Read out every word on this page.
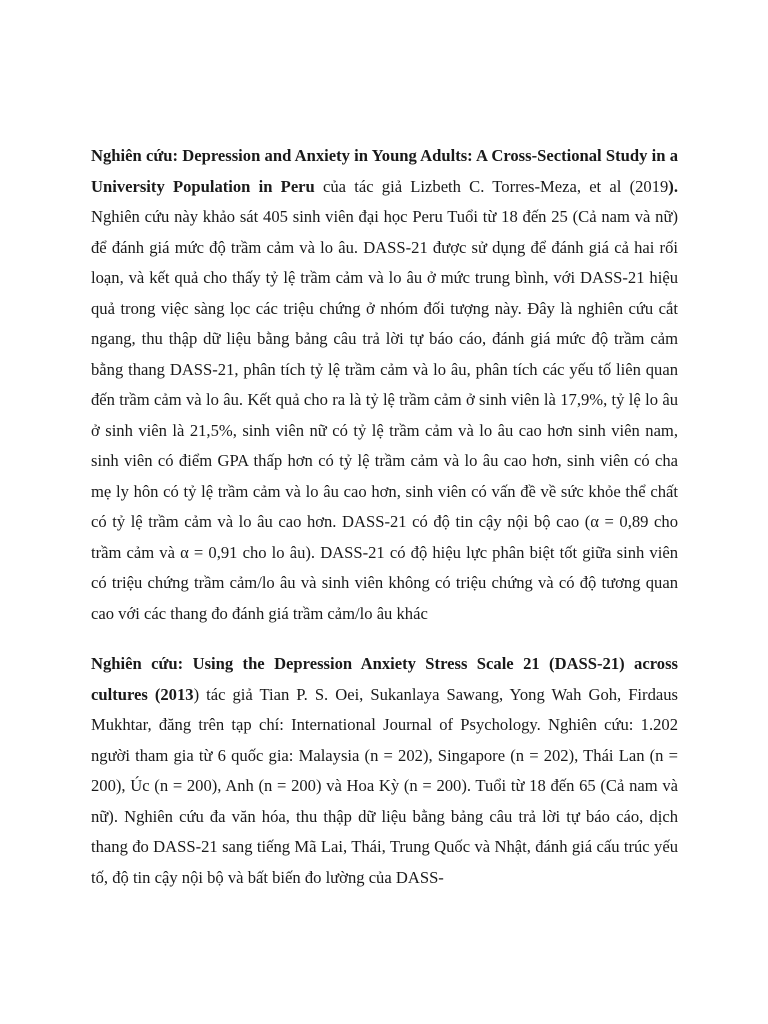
Nghiên cứu: Depression and Anxiety in Young Adults: A Cross-Sectional Study in a University Population in Peru của tác giả Lizbeth C. Torres-Meza, et al (2019). Nghiên cứu này khảo sát 405 sinh viên đại học Peru Tuổi từ 18 đến 25 (Cả nam và nữ) để đánh giá mức độ trầm cảm và lo âu. DASS-21 được sử dụng để đánh giá cả hai rối loạn, và kết quả cho thấy tỷ lệ trầm cảm và lo âu ở mức trung bình, với DASS-21 hiệu quả trong việc sàng lọc các triệu chứng ở nhóm đối tượng này. Đây là nghiên cứu cắt ngang, thu thập dữ liệu bằng bảng câu trả lời tự báo cáo, đánh giá mức độ trầm cảm bằng thang DASS-21, phân tích tỷ lệ trầm cảm và lo âu, phân tích các yếu tố liên quan đến trầm cảm và lo âu. Kết quả cho ra là tỷ lệ trầm cảm ở sinh viên là 17,9%, tỷ lệ lo âu ở sinh viên là 21,5%, sinh viên nữ có tỷ lệ trầm cảm và lo âu cao hơn sinh viên nam, sinh viên có điểm GPA thấp hơn có tỷ lệ trầm cảm và lo âu cao hơn, sinh viên có cha mẹ ly hôn có tỷ lệ trầm cảm và lo âu cao hơn, sinh viên có vấn đề về sức khỏe thể chất có tỷ lệ trầm cảm và lo âu cao hơn. DASS-21 có độ tin cậy nội bộ cao (α = 0,89 cho trầm cảm và α = 0,91 cho lo âu). DASS-21 có độ hiệu lực phân biệt tốt giữa sinh viên có triệu chứng trầm cảm/lo âu và sinh viên không có triệu chứng và có độ tương quan cao với các thang đo đánh giá trầm cảm/lo âu khác

Nghiên cứu: Using the Depression Anxiety Stress Scale 21 (DASS-21) across cultures (2013) tác giả Tian P. S. Oei, Sukanlaya Sawang, Yong Wah Goh, Firdaus Mukhtar, đăng trên tạp chí: International Journal of Psychology. Nghiên cứu: 1.202 người tham gia từ 6 quốc gia: Malaysia (n = 202), Singapore (n = 202), Thái Lan (n = 200), Úc (n = 200), Anh (n = 200) và Hoa Kỳ (n = 200). Tuổi từ 18 đến 65 (Cả nam và nữ). Nghiên cứu đa văn hóa, thu thập dữ liệu bằng bảng câu trả lời tự báo cáo, dịch thang đo DASS-21 sang tiếng Mã Lai, Thái, Trung Quốc và Nhật, đánh giá cấu trúc yếu tố, độ tin cậy nội bộ và bất biến đo lường của DASS-
